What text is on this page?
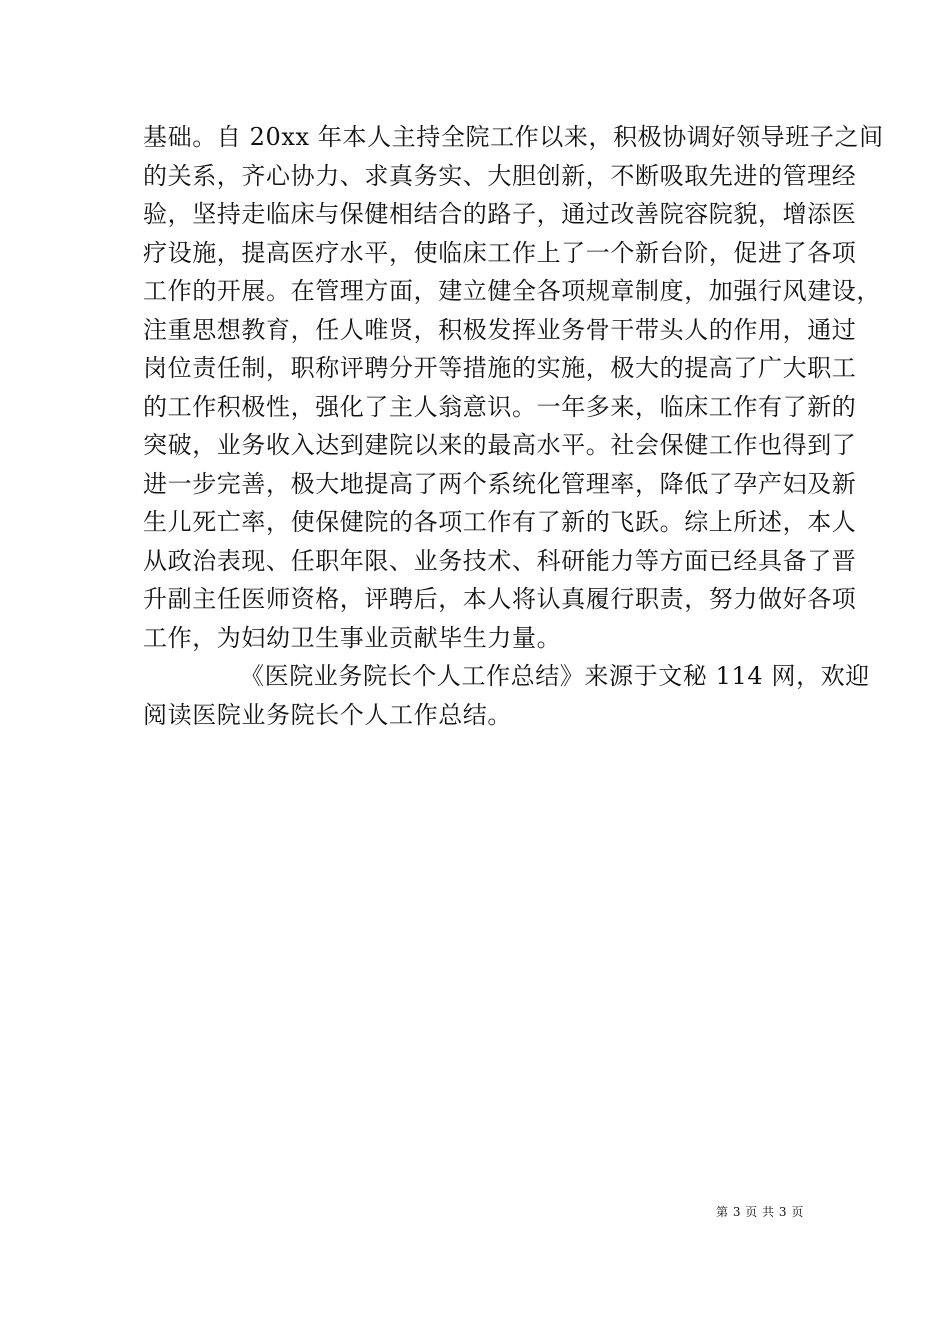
基础。自 20xx 年本人主持全院工作以来，积极协调好领导班子之间
的关系，齐心协力、求真务实、大胆创新，不断吸取先进的管理经
验，坚持走临床与保健相结合的路子，通过改善院容院貌，增添医
疗设施，提高医疗水平，使临床工作上了一个新台阶，促进了各项
工作的开展。在管理方面，建立健全各项规章制度，加强行风建设，
注重思想教育，任人唯贤，积极发挥业务骨干带头人的作用，通过
岗位责任制，职称评聘分开等措施的实施，极大的提高了广大职工
的工作积极性，强化了主人翁意识。一年多来，临床工作有了新的
突破，业务收入达到建院以来的最高水平。社会保健工作也得到了
进一步完善，极大地提高了两个系统化管理率，降低了孕产妇及新
生儿死亡率，使保健院的各项工作有了新的飞跃。综上所述，本人
从政治表现、任职年限、业务技术、科研能力等方面已经具备了晋
升副主任医师资格，评聘后，本人将认真履行职责，努力做好各项
工作，为妇幼卫生事业贡献毕生力量。
《医院业务院长个人工作总结》来源于文秘 114 网，欢迎
阅读医院业务院长个人工作总结。
第 3 页 共 3 页
